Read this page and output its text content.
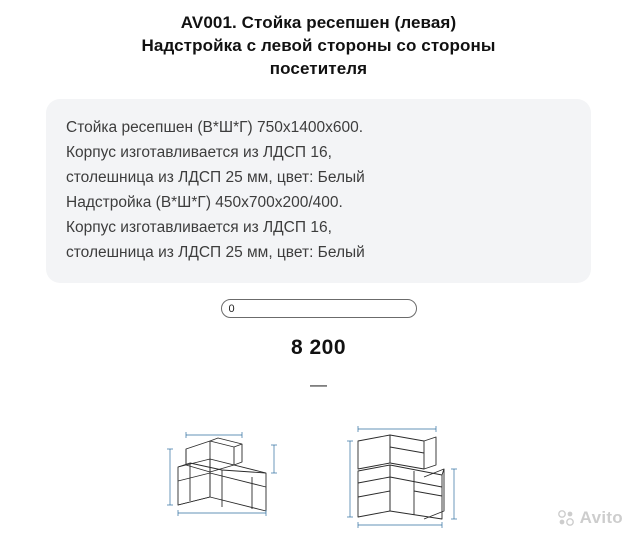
AV001. Стойка ресепшен (левая)
Надстройка с левой стороны со стороны
посетителя
Стойка ресепшен (В*Ш*Г) 750х1400х600.
Корпус изготавливается из ЛДСП 16,
столешница из ЛДСП 25 мм, цвет: Белый
Надстройка (В*Ш*Г) 450х700х200/400.
Корпус изготавливается из ЛДСП 16,
столешница из ЛДСП 25 мм, цвет: Белый
0
8 200
—
Avito
